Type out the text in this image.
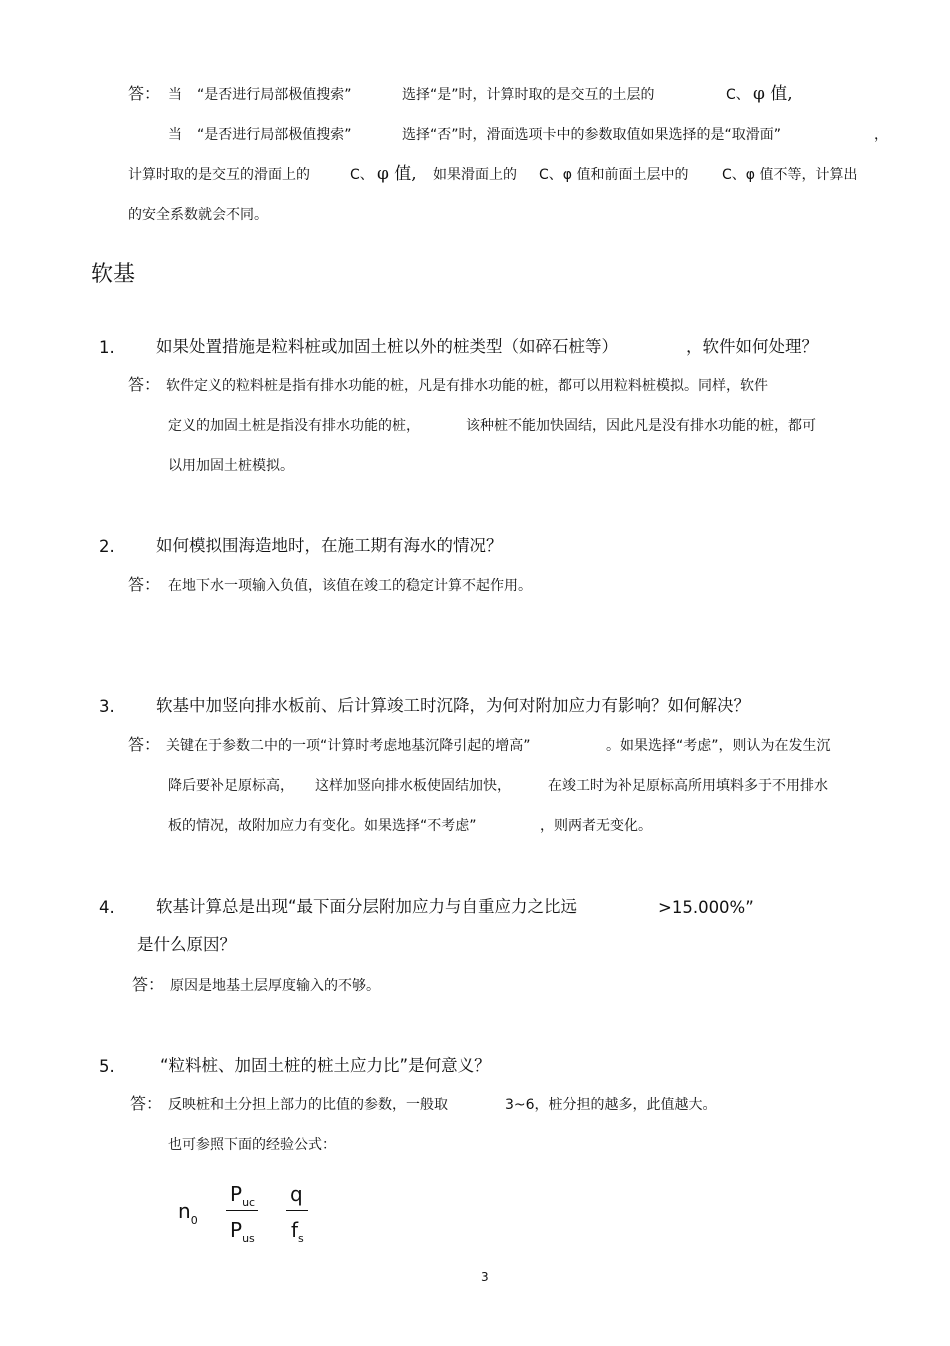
答： 当 “是否进行局部极值搜索”	选择“是”时，计算时取的是交互的土层的	C、 φ 值,
当 “是否进行局部极值搜索”	选择“否”时，滑面选项卡中的参数取值如果选择的是“取滑面”	，
计算时取的是交互的滑面上的	C、 φ 值, 如果滑面上的 C、φ 值和前面土层中的 C、φ 值不等，计算出
的安全系数就会不同。
软基
1.	如果处置措施是粒料桩或加固土桩以外的桩类型（如碎石桩等）	，软件如何处理？
答： 软件定义的粒料桩是指有排水功能的桩，凡是有排水功能的桩，都可以用粒料桩模拟。同样，软件
定义的加固土桩是指没有排水功能的桩，	该种桩不能加快固结，因此凡是没有排水功能的桩，都可
以用加固土桩模拟。
2.	如何模拟围海造地时，在施工期有海水的情况？
答： 在地下水一项输入负值，该值在竣工的稳定计算不起作用。
3.	软基中加竖向排水板前、后计算竣工时沉降，为何对附加应力有影响？如何解决？
答： 关键在于参数二中的一项“计算时考虑地基沉降引起的增高”	。如果选择“考虑”，则认为在发生沉
降后要补足原标高， 这样加竖向排水板使固结加快，	在竣工时为补足原标高所用填料多于不用排水
板的情况，故附加应力有变化。如果选择“不考虑”	，则两者无变化。
4.	软基计算总是出现“最下面分层附加应力与自重应力之比远	>15.000%”
是什么原因？
答： 原因是地基土层厚度输入的不够。
5.	“粒料桩、加固土桩的桩土应力比”是何意义？
答： 反映桩和土分担上部力的比值的参数，一般取	3~6，桩分担的越多，此值越大。
也可参照下面的经验公式：
$n_0$
$P_{uc}$
$P_{us}$
q
$f_s$
3
